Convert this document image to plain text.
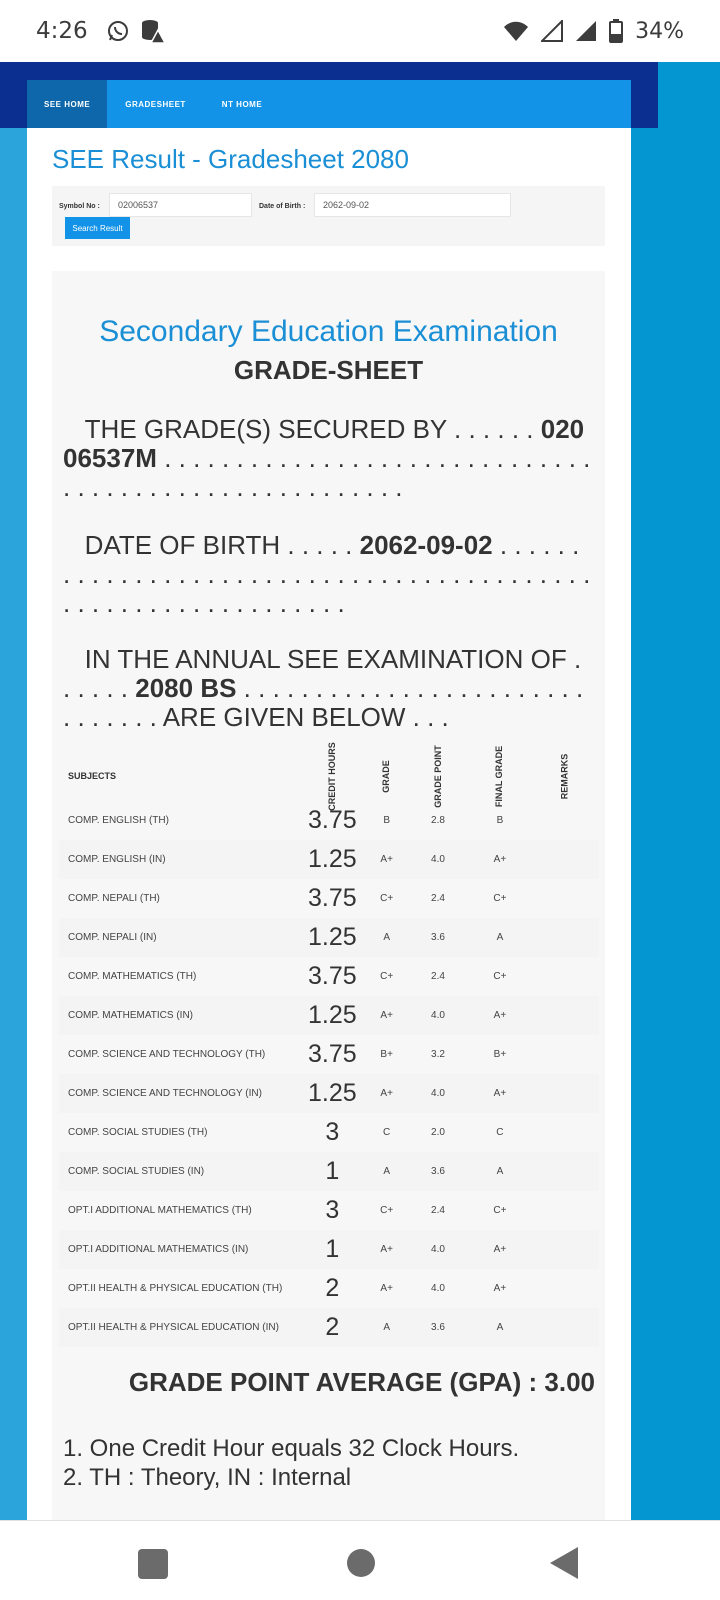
4:26	34%
SEE HOME	GRADESHEET	NT HOME
SEE Result - Gradesheet 2080
Symbol No :	02006537	Date of Birth :	2062-09-02
Search Result
Secondary Education Examination
GRADE-SHEET
THE GRADE(S) SECURED BY . . . . . . 02006537M . . . . . . . . . . . . . . . . . . . . . . . . . . . . . . . . . . . . . . . . . . . . . . . . . . . . . .
DATE OF BIRTH . . . . . 2062-09-02 . . . . . . . . . . . . . . . . . . . . . . . . . . . . . . . . . . . . . . . . . . . . . . . . . . . . . . . . . . . . . . .
IN THE ANNUAL SEE EXAMINATION OF . . . . . . 2080 BS . . . . . . . . . . . . . . . . . . . . . . . . . . . . . . . ARE GIVEN BELOW . . .
SUBJECTS	CREDIT HOURS	GRADE	GRADE POINT	FINAL GRADE	REMARKS
COMP. ENGLISH (TH)	3.75	B	2.8	B	
COMP. ENGLISH (IN)	1.25	A+	4.0	A+	
COMP. NEPALI (TH)	3.75	C+	2.4	C+	
COMP. NEPALI (IN)	1.25	A	3.6	A	
COMP. MATHEMATICS (TH)	3.75	C+	2.4	C+	
COMP. MATHEMATICS (IN)	1.25	A+	4.0	A+	
COMP. SCIENCE AND TECHNOLOGY (TH)	3.75	B+	3.2	B+	
COMP. SCIENCE AND TECHNOLOGY (IN)	1.25	A+	4.0	A+	
COMP. SOCIAL STUDIES (TH)	3	C	2.0	C	
COMP. SOCIAL STUDIES (IN)	1	A	3.6	A	
OPT.I ADDITIONAL MATHEMATICS (TH)	3	C+	2.4	C+	
OPT.I ADDITIONAL MATHEMATICS (IN)	1	A+	4.0	A+	
OPT.II HEALTH & PHYSICAL EDUCATION (TH)	2	A+	4.0	A+	
OPT.II HEALTH & PHYSICAL EDUCATION (IN)	2	A	3.6	A	
GRADE POINT AVERAGE (GPA) : 3.00
1. One Credit Hour equals 32 Clock Hours.
2. TH : Theory, IN : Internal
